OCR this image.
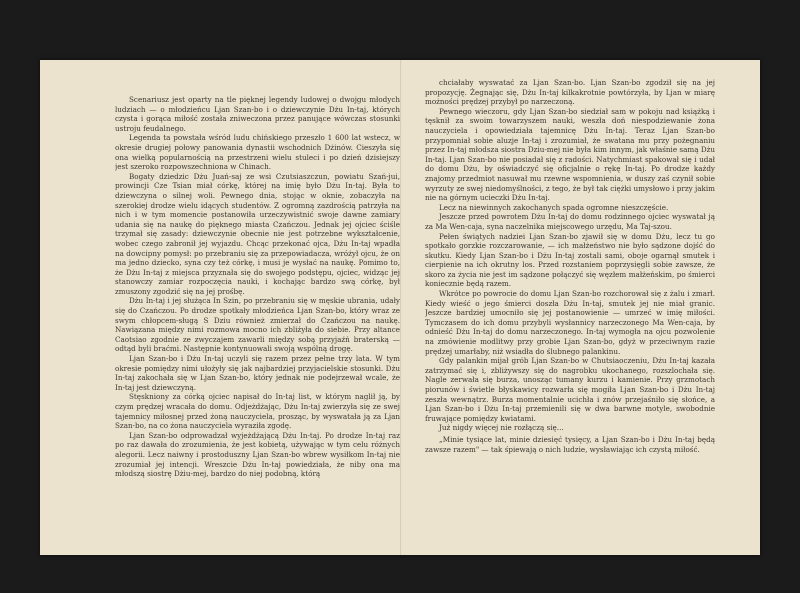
Scenariusz jest oparty na tle pięknej legendy ludowej o dwojgu młodych ludziach — o młodzieńcu Ljan Szan-bo i o dziewczynie Dżu In-taj, których czysta i gorąca miłość została zniweczona przez panujące wówczas stosunki ustroju feudalnego.

Legenda ta powstała wśród ludu chińskiego przeszło 1 600 lat wstecz, w okresie drugiej połowy panowania dynastii wschodnich Dżinów. Cieszyła się ona wielką popularnością na przestrzeni wielu stuleci i po dzień dzisiejszy jest szeroko rozpowszechniona w Chinach.

Bogaty dziedzic Dżu Juań-saj ze wsi Czutsiaszczun, powiatu Szań-jui, prowincji Cze Tsian miał córkę, której na imię było Dżu In-taj. Była to dziewczyna o silnej woli. Pewnego dnia, stojąc w oknie, zobaczyła na szerokiej drodze wielu idących studentów. Z ogromną zazdrością patrzyła na nich i w tym momencie postanowiła urzeczywistnić swoje dawne zamiary udania się na naukę do pięknego miasta Czańczou. Jednak jej ojciec ściśle trzymał się zasady: dziewczynie obecnie nie jest potrzebne wykształcenie, wobec czego zabronił jej wyjazdu. Chcąc przekonać ojca, Dżu In-taj wpadła na dowcipny pomysł: po przebraniu się za przepowiadacza, wróżył ojcu, że on ma jedno dziecko, syna czy też córkę, i musi je wysłać na naukę. Pomimo to, że Dżu In-taj z miejsca przyznała się do swojego podstępu, ojciec, widząc jej stanowczy zamiar rozpoczęcia nauki, i kochając bardzo swą córkę, był zmuszony zgodzić się na jej prośbę.

Dżu In-taj i jej służąca In Szin, po przebraniu się w męskie ubrania, udały się do Czańczou. Po drodze spotkały młodzieńca Ljan Szan-bo, który wraz ze swym chłopcem-sługą S Dziu również zmierzał do Czańczou na naukę. Nawiązana między nimi rozmowa mocno ich zbliżyła do siebie. Przy altance Caotsiao zgodnie ze zwyczajem zawarli między sobą przyjaźń braterską — odtąd byli braćmi. Następnie kontynuowali swoją wspólną drogę.

Ljan Szan-bo i Dżu In-taj uczyli się razem przez pełne trzy lata. W tym okresie pomiędzy nimi ułożyły się jak najbardziej przyjacielskie stosunki. Dżu In-taj zakochała się w Ljan Szan-bo, który jednak nie podejrzewał wcale, że In-taj jest dziewczyną.

Stęskniony za córką ojciec napisał do In-taj list, w którym naglił ją, by czym prędzej wracała do domu. Odjeżdżając, Dżu In-taj zwierzyła się ze swej tajemnicy miłosnej przed żoną nauczyciela, prosząc, by wyswatała ją za Ljan Szan-bo, na co żona nauczyciela wyraziła zgodę.

Ljan Szan-bo odprowadzał wyjeżdżającą Dżu In-taj. Po drodze In-taj raz po raz dawała do zrozumienia, że jest kobietą, używając w tym celu różnych alegorii. Lecz naiwny i prostoduszny Ljan Szan-bo wbrew wysiłkom In-taj nie zrozumiał jej intencji. Wreszcie Dżu In-taj powiedziała, że niby ona ma młodszą siostrę Dżiu-mej, bardzo do niej podobną, którą

chciałaby wyswatać za Ljan Szan-bo. Ljan Szan-bo zgodził się na jej propozycję. Żegnając się, Dżu In-taj kilkakrotnie powtórzyła, by Ljan w miarę możności prędzej przybył po narzeczoną.

Pewnego wieczoru, gdy Ljan Szan-bo siedział sam w pokoju nad książką i tęsknił za swoim towarzyszem nauki, weszła doń niespodziewanie żona nauczyciela i opowiedziała tajemnicę Dżu In-taj. Teraz Ljan Szan-bo przypomniał sobie aluzje In-taj i zrozumiał, że swatana mu przy pożegnaniu przez In-taj młodsza siostra Dziu-mej nie była kim innym, jak właśnie samą Dżu In-taj. Ljan Szan-bo nie posiadał się z radości. Natychmiast spakował się i udał do domu Dżu, by oświadczyć się oficjalnie o rękę In-taj. Po drodze każdy znajomy przedmiot nasuwał mu rzewne wspomnienia, w duszy zaś czynił sobie wyrzuty ze swej niedomyślności, z tego, że był tak ciężki umysłowo i przy jakim nie na górnym ucieczki Dżu In-taj.

Lecz na niewinnych zakochanych spada ogromne nieszczęście.

Jeszcze przed powrotem Dżu In-taj do domu rodzinnego ojciec wyswatał ją za Ma Wen-caja, syna naczelnika miejscowego urzędu, Ma Taj-szou.

Pełen świątych nadziei Ljan Szan-bo zjawił się w domu Dżu, lecz tu go spotkało gorzkie rozczarowanie, — ich małżeństwo nie było sądzone dojść do skutku. Kiedy Ljan Szan-bo i Dżu In-taj zostali sami, oboje ogarnął smutek i cierpienie na ich okrutny los. Przed rozstaniem poprzysięgli sobie zawsze, że skoro za życia nie jest im sądzone połączyć się węzłem małżeńskim, po śmierci koniecznie będą razem.

Wkrótce po powrocie do domu Ljan Szan-bo rozchorował się z żalu i zmarł. Kiedy wieść o jego śmierci doszła Dżu In-taj, smutek jej nie miał granic. Jeszcze bardziej umocniło się jej postanowienie — umrzeć w imię miłości. Tymczasem do ich domu przybyli wysłannicy narzeczonego Ma Wen-caja, by odnieść Dżu In-taj do domu narzeczonego. In-taj wymogła na ojcu pozwolenie na zmówienie modlitwy przy grobie Ljan Szan-bo, gdyż w przeciwnym razie prędzej umarłaby, niż wsiadła do ślubnego palankinu.

Gdy palankin mijał grób Ljan Szan-bo w Chutsiaoczeniu, Dżu In-taj kazała zatrzymać się i, zbliżywszy się do nagrobku ukochanego, rozszlochała się. Nagle zerwała się burza, unosząc tumany kurzu i kamienie. Przy grzmotach piorunów i świetle błyskawicy rozwarła się mogiła Ljan Szan-bo i Dżu In-taj zeszła wewnątrz. Burza momentalnie ucichła i znów przejaśniło się słońce, a Ljan Szan-bo i Dżu In-taj przemienili się w dwa barwne motyle, swobodnie fruwające pomiędzy kwiatami.

Już nigdy więcej nie rozłączą się...

„Minie tysiące lat, minie dziesięć tysięcy, a Ljan Szan-bo i Dżu In-taj będą zawsze razem" — tak śpiewają o nich ludzie, wysławiając ich czystą miłość.
